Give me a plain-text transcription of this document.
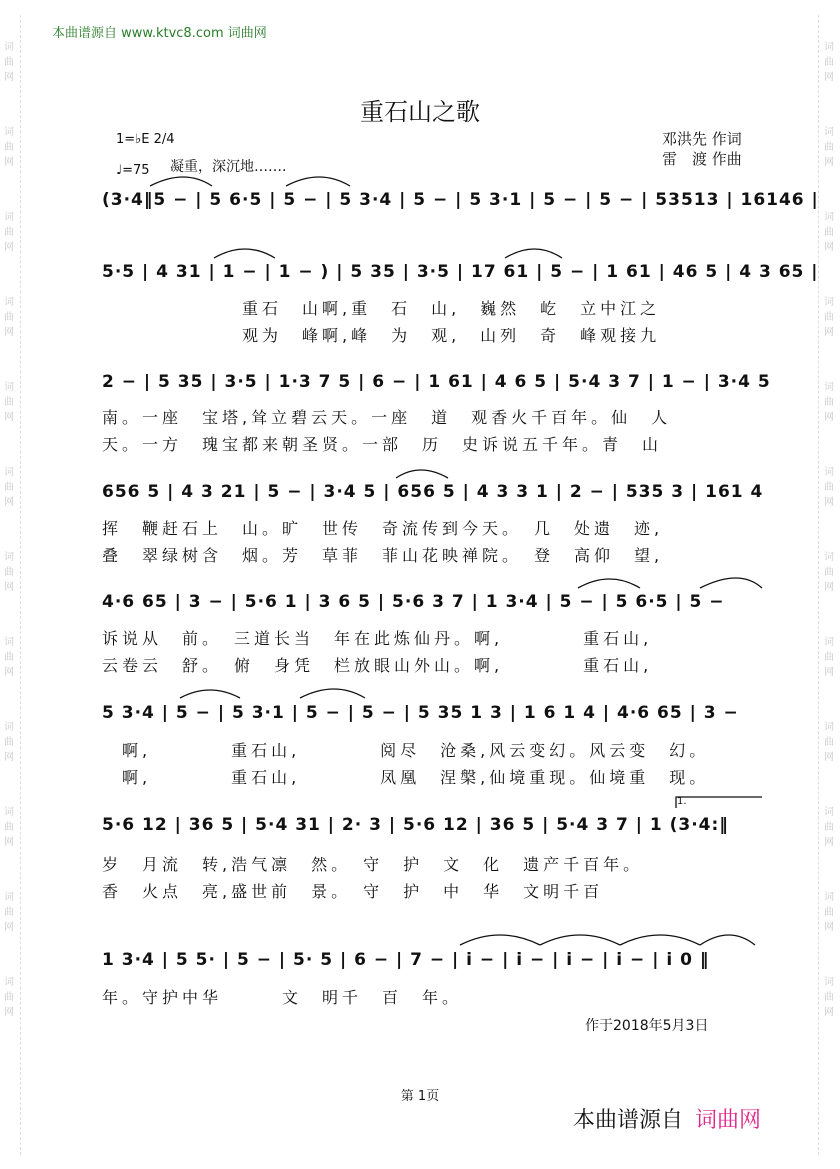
本曲谱源自 www.ktvc8.com 词曲网
词曲网
词曲网
词曲网
词曲网
词曲网
词曲网
词曲网
词曲网
词曲网
词曲网
词曲网
词曲网
词曲网
词曲网
词曲网
词曲网
词曲网
词曲网
词曲网
词曲网
词曲网
词曲网
词曲网
词曲网
重石山之歌
邓洪先 作词
雷　渡 作曲
1=♭E 2/4
♩=75 凝重，深沉地…….
(3·4‖5 − | 5 6·5 | 5 − | 5 3·4 | 5 − | 5 3·1 | 5 − | 5 − | 53513 | 16146 |
5·5 | 4 31 | 1 − | 1 − ) | 5 35 | 3·5 | 17 61 | 5 − | 1 61 | 46 5 | 4 3 65 |
　　　　　　　重石　山啊,重　石　山,　巍然　屹　立中江之
　　　　　　　观为　峰啊,峰　为　观,　山列　奇　峰观接九
2 − | 5 35 | 3·5 | 1·3 7 5 | 6 − | 1 61 | 4 6 5 | 5·4 3 7 | 1 − | 3·4 5
南。一座　宝塔,耸立碧云天。一座　道　观香火千百年。仙　人
天。一方　瑰宝都来朝圣贤。一部　历　史诉说五千年。青　山
656 5 | 4 3 21 | 5 − | 3·4 5 | 656 5 | 4 3 3 1 | 2 − | 535 3 | 161 4
挥　鞭赶石上　山。旷　世传　奇流传到今天。　几　处遗　迹,
叠　翠绿树含　烟。芳　草菲　菲山花映禅院。　登　高仰　望,
4·6 65 | 3 − | 5·6 1 | 3 6 5 | 5·6 3 7 | 1 3·4 | 5 − | 5 6·5 | 5 −
诉说从　前。　三道长当　年在此炼仙丹。啊,　　　　重石山,
云卷云　舒。　俯　身凭　栏放眼山外山。啊,　　　　重石山,
5 3·4 | 5 − | 5 3·1 | 5 − | 5 − | 5 35 1 3 | 1 6 1 4 | 4·6 65 | 3 −
　啊,　　　　重石山,　　　　阅尽　沧桑,风云变幻。风云变　幻。
　啊,　　　　重石山,　　　　凤凰　涅槃,仙境重现。仙境重　现。
5·6 12 | 36 5 | 5·4 31 | 2· 3 | 5·6 12 | 36 5 | 5·4 3 7 | 1 (3·4:‖
1.
岁　月流　转,浩气凛　然。　守　护　文　化　遗产千百年。
香　火点　亮,盛世前　景。　守　护　中　华　文明千百
1 3·4 | 5 5· | 5 − | 5· 5 | 6 − | 7 − | i − | i − | i − | i − | i 0 ‖
年。守护中华　　　文　明千　百　年。
作于2018年5月3日
第 1页
本曲谱源自 词曲网
